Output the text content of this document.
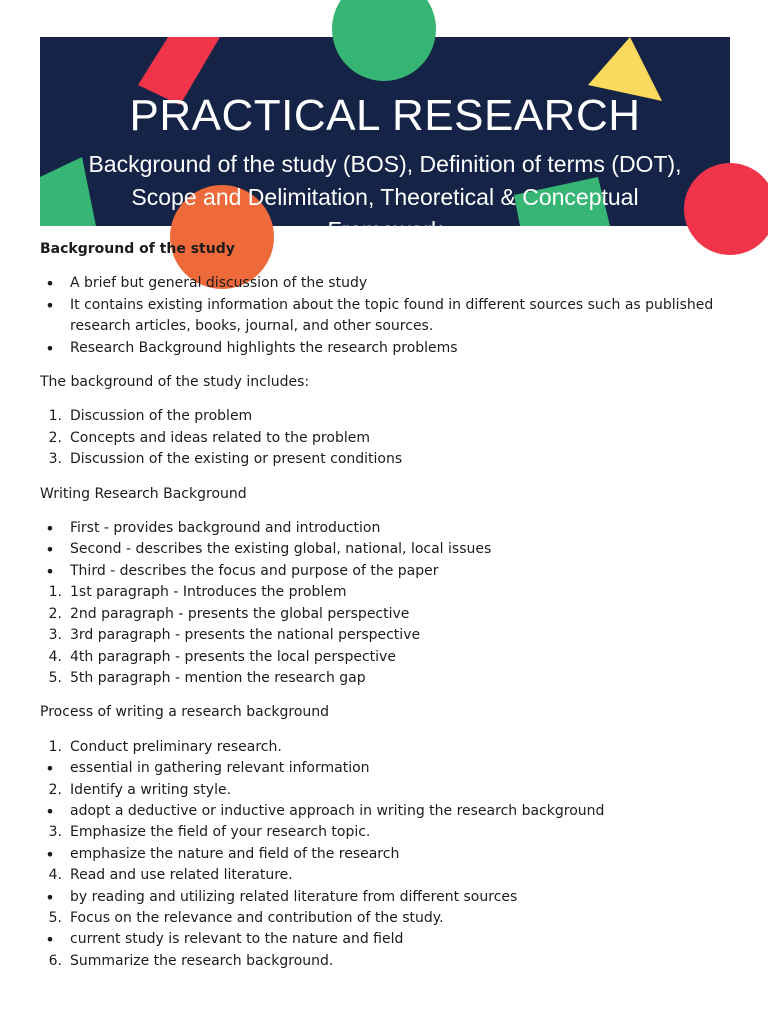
PRACTICAL RESEARCH
Background of the study (BOS), Definition of terms (DOT),
Scope and Delimitation, Theoretical & Conceptual
Framework
Background of the study
• A brief but general discussion of the study
• It contains existing information about the topic found in different sources such as published research articles, books, journal, and other sources.
• Research Background highlights the research problems
The background of the study includes:
1. Discussion of the problem
2. Concepts and ideas related to the problem
3. Discussion of the existing or present conditions
Writing Research Background
• First - provides background and introduction
• Second - describes the existing global, national, local issues
• Third - describes the focus and purpose of the paper
1. 1st paragraph - Introduces the problem
2. 2nd paragraph - presents the global perspective
3. 3rd paragraph - presents the national perspective
4. 4th paragraph - presents the local perspective
5. 5th paragraph - mention the research gap
Process of writing a research background
1. Conduct preliminary research.
• essential in gathering relevant information
2. Identify a writing style.
• adopt a deductive or inductive approach in writing the research background
3. Emphasize the field of your research topic.
• emphasize the nature and field of the research
4. Read and use related literature.
• by reading and utilizing related literature from different sources
5. Focus on the relevance and contribution of the study.
• current study is relevant to the nature and field
6. Summarize the research background.
